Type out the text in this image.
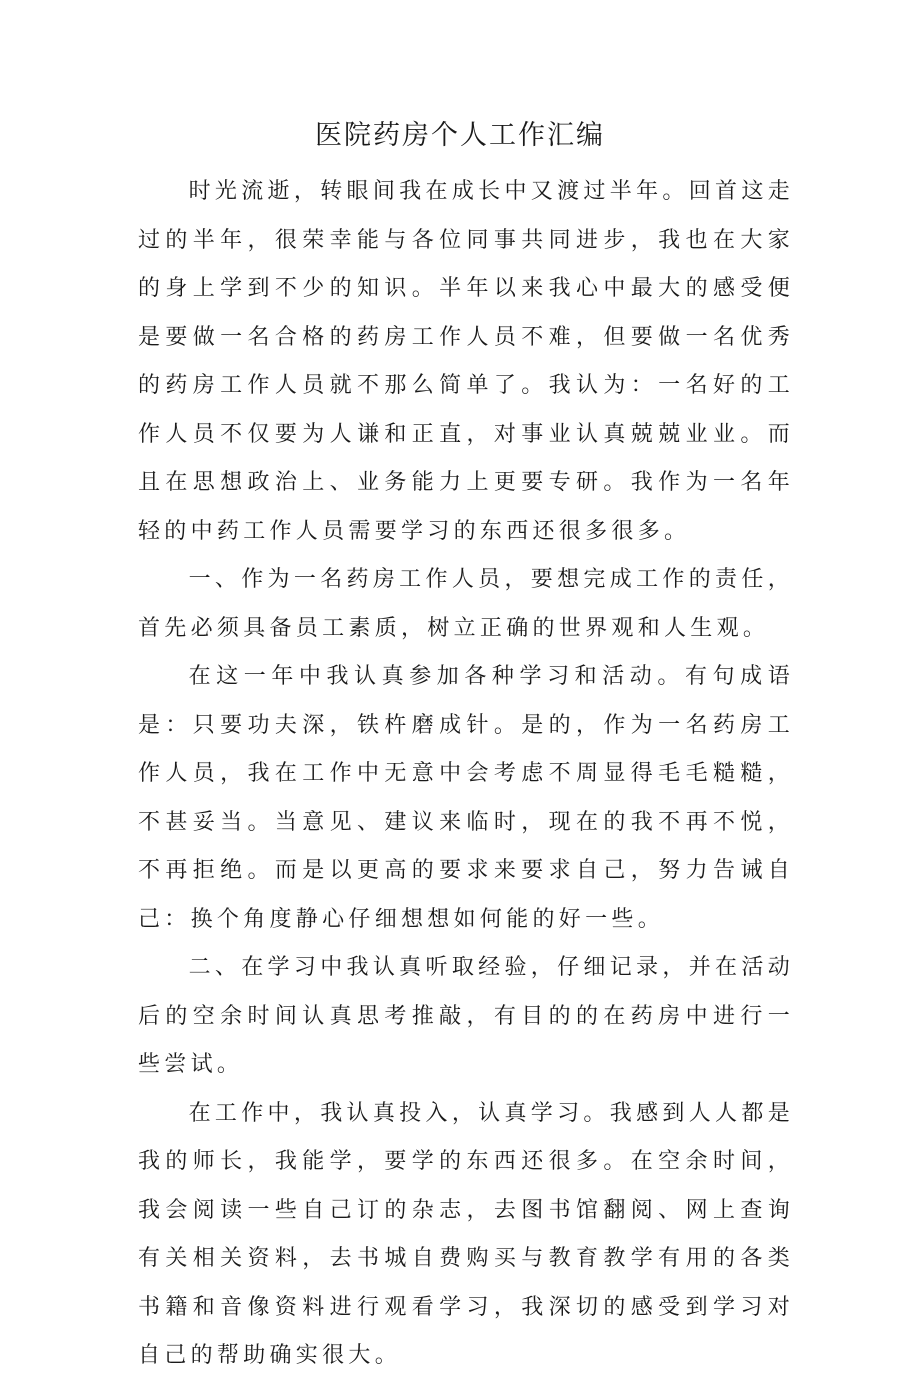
医院药房个人工作汇编

时光流逝，转眼间我在成长中又渡过半年。回首这走过的半年，很荣幸能与各位同事共同进步，我也在大家的身上学到不少的知识。半年以来我心中最大的感受便是要做一名合格的药房工作人员不难，但要做一名优秀的药房工作人员就不那么简单了。我认为：一名好的工作人员不仅要为人谦和正直，对事业认真兢兢业业。而且在思想政治上、业务能力上更要专研。我作为一名年轻的中药工作人员需要学习的东西还很多很多。

一、作为一名药房工作人员，要想完成工作的责任，首先必须具备员工素质，树立正确的世界观和人生观。

在这一年中我认真参加各种学习和活动。有句成语是：只要功夫深，铁杵磨成针。是的，作为一名药房工作人员，我在工作中无意中会考虑不周显得毛毛糙糙，不甚妥当。当意见、建议来临时，现在的我不再不悦，不再拒绝。而是以更高的要求来要求自己，努力告诫自己：换个角度静心仔细想想如何能的好一些。

二、在学习中我认真听取经验，仔细记录，并在活动后的空余时间认真思考推敲，有目的的在药房中进行一些尝试。

在工作中，我认真投入，认真学习。我感到人人都是我的师长，我能学，要学的东西还很多。在空余时间，我会阅读一些自己订的杂志，去图书馆翻阅、网上查询有关相关资料，去书城自费购买与教育教学有用的各类书籍和音像资料进行观看学习，我深切的感受到学习对自己的帮助确实很大。
